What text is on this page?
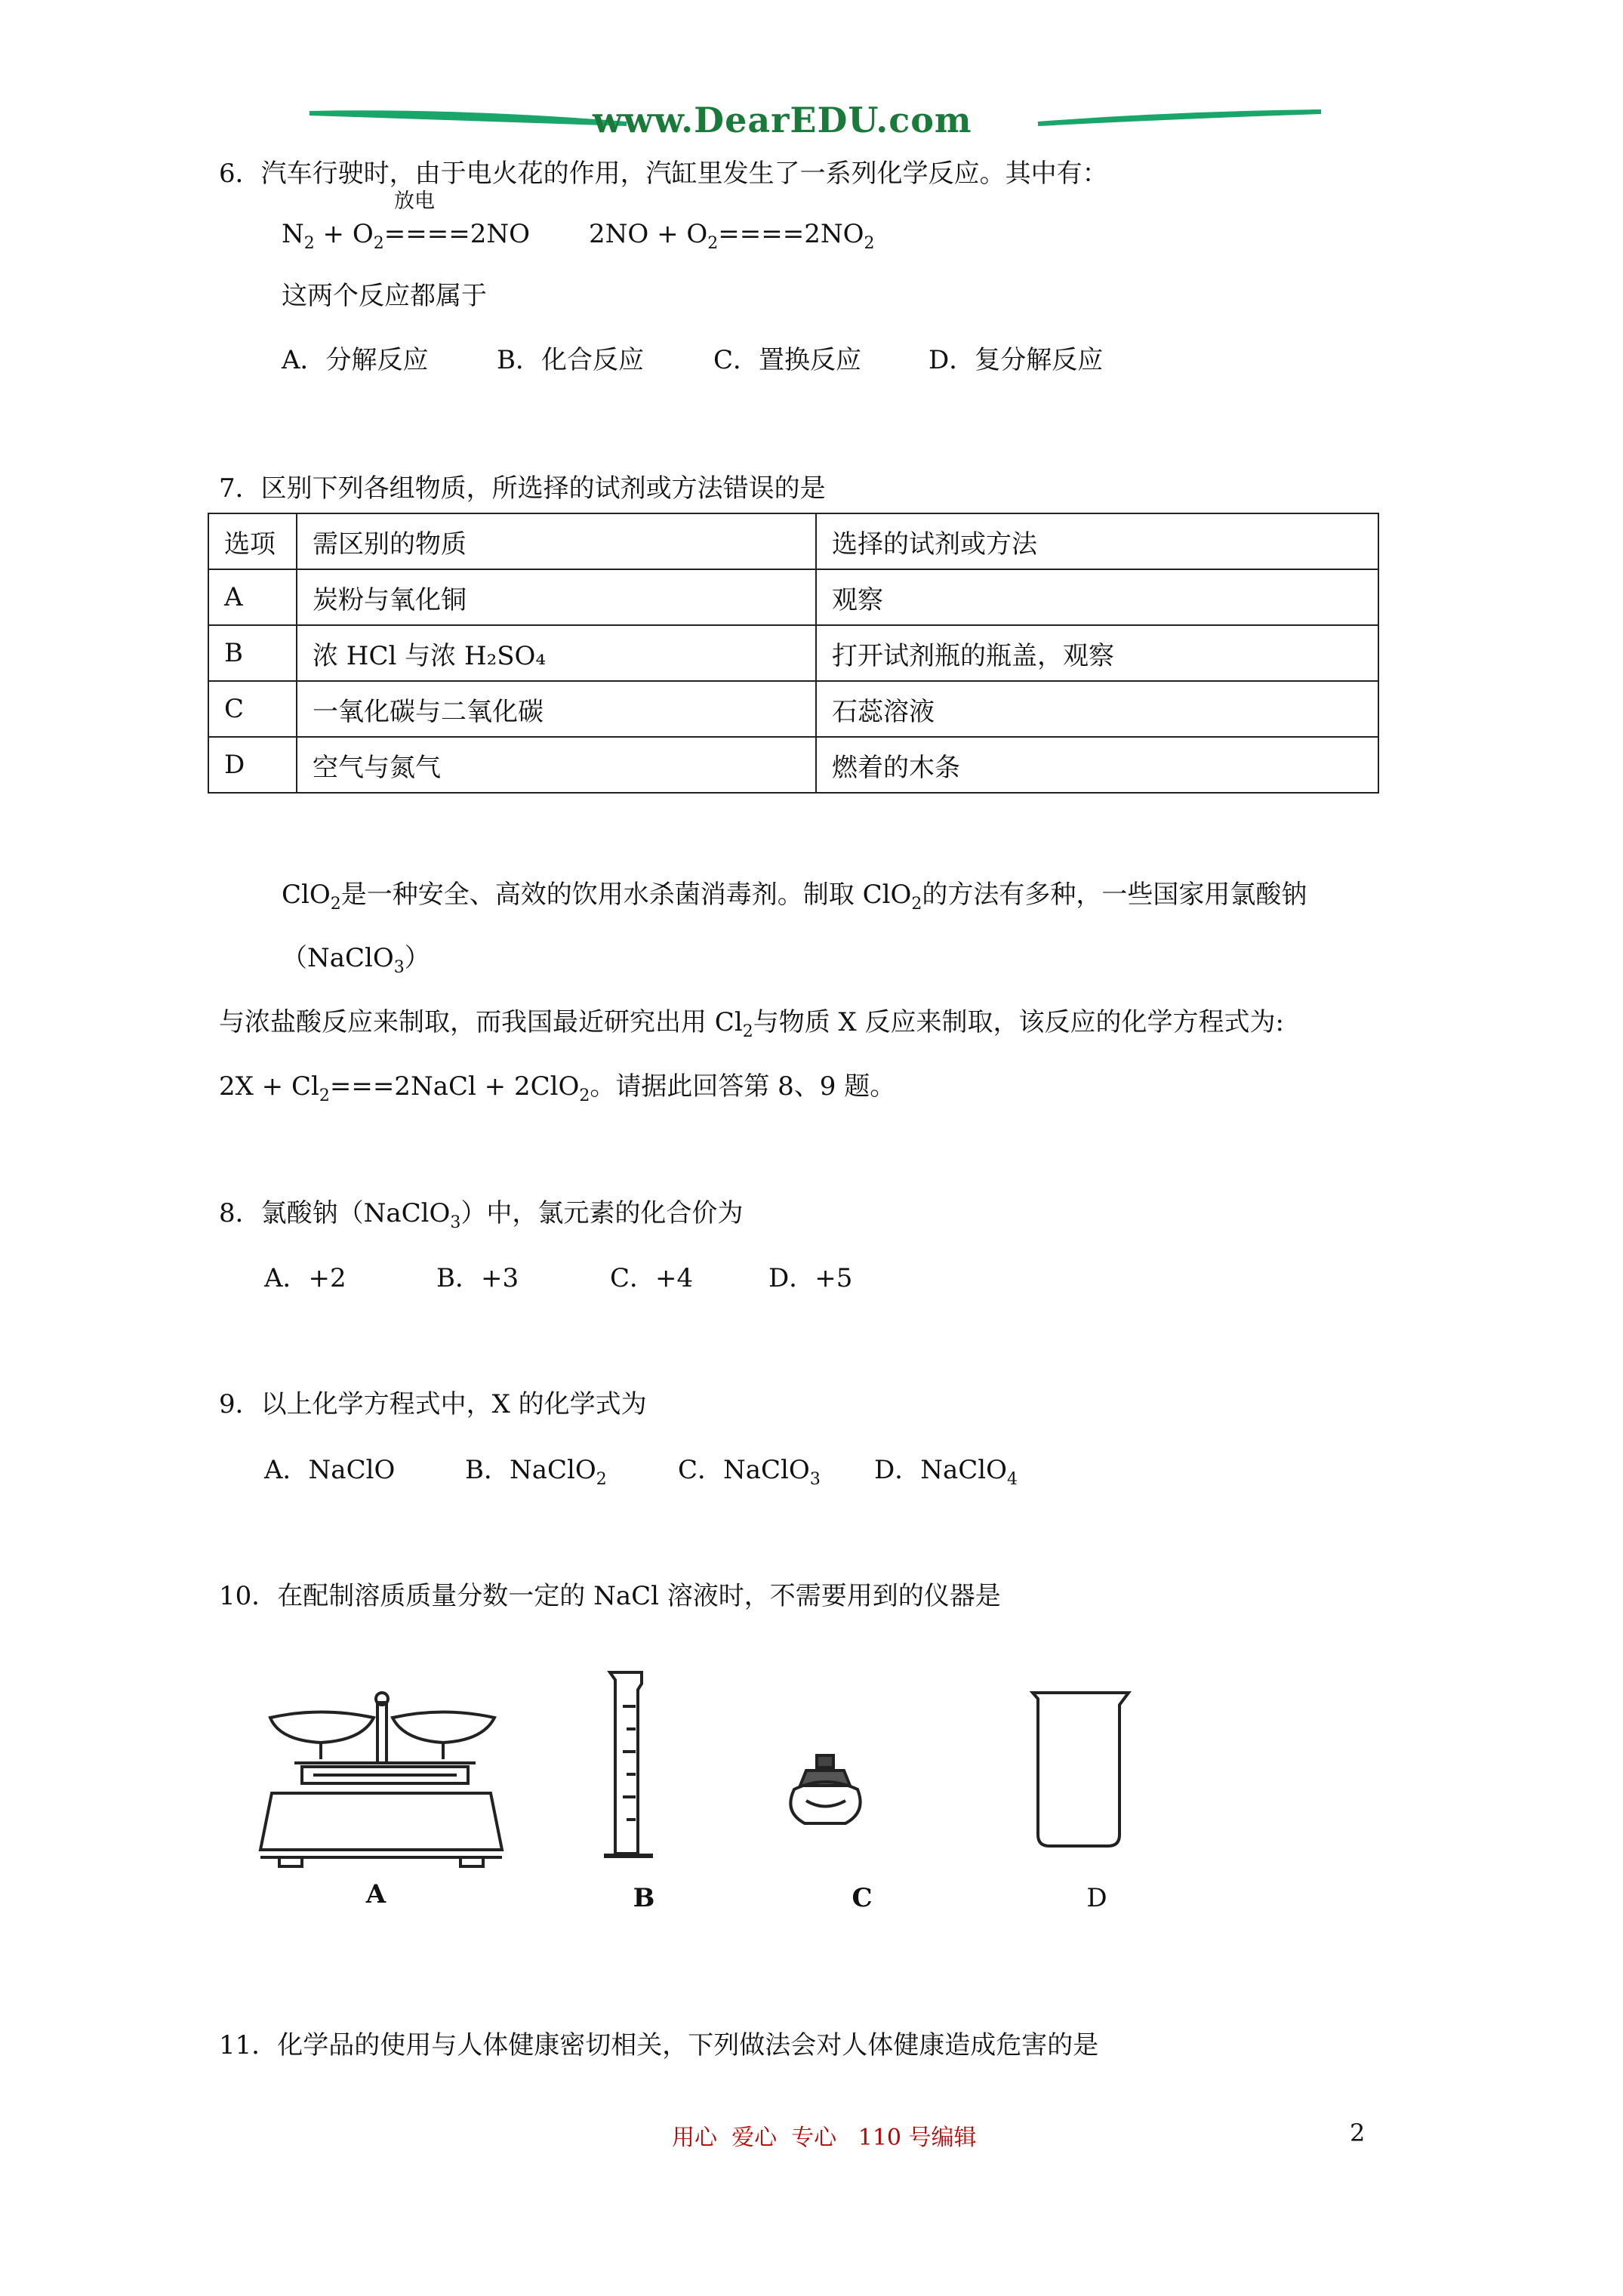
www.DearEDU.com
6．汽车行驶时，由于电火花的作用，汽缸里发生了一系列化学反应。其中有：
放电
$N_2 + O_2====2NO$ $2NO + O_2====2NO_2$
这两个反应都属于
A．分解反应	B．化合反应	C．置换反应	D．复分解反应
7．区别下列各组物质，所选择的试剂或方法错误的是
选项	需区别的物质	选择的试剂或方法
A	炭粉与氧化铜	观察
B	浓 HCl 与浓 H₂SO₄	打开试剂瓶的瓶盖，观察
C	一氧化碳与二氧化碳	石蕊溶液
D	空气与氮气	燃着的木条
ClO$_2$是一种安全、高效的饮用水杀菌消毒剂。制取 ClO$_2$的方法有多种，一些国家用氯酸钠
（NaClO$_3$）
与浓盐酸反应来制取，而我国最近研究出用 $Cl_2$与物质 X 反应来制取，该反应的化学方程式为:
$2X + Cl_2===2NaCl + 2ClO_2$。请据此回答第 8、9 题。
8．氯酸钠（NaClO$_3$）中，氯元素的化合价为
A．+2	B．+3	C．+4	D．+5
9．以上化学方程式中，X 的化学式为
A．NaClO	B．NaClO$_2$	C．NaClO$_3$ D．NaClO$_4$
10．在配制溶质质量分数一定的 NaCl 溶液时，不需要用到的仪器是
A	B	C	D
11．化学品的使用与人体健康密切相关，下列做法会对人体健康造成危害的是
用心  爱心  专心   110 号编辑	2
